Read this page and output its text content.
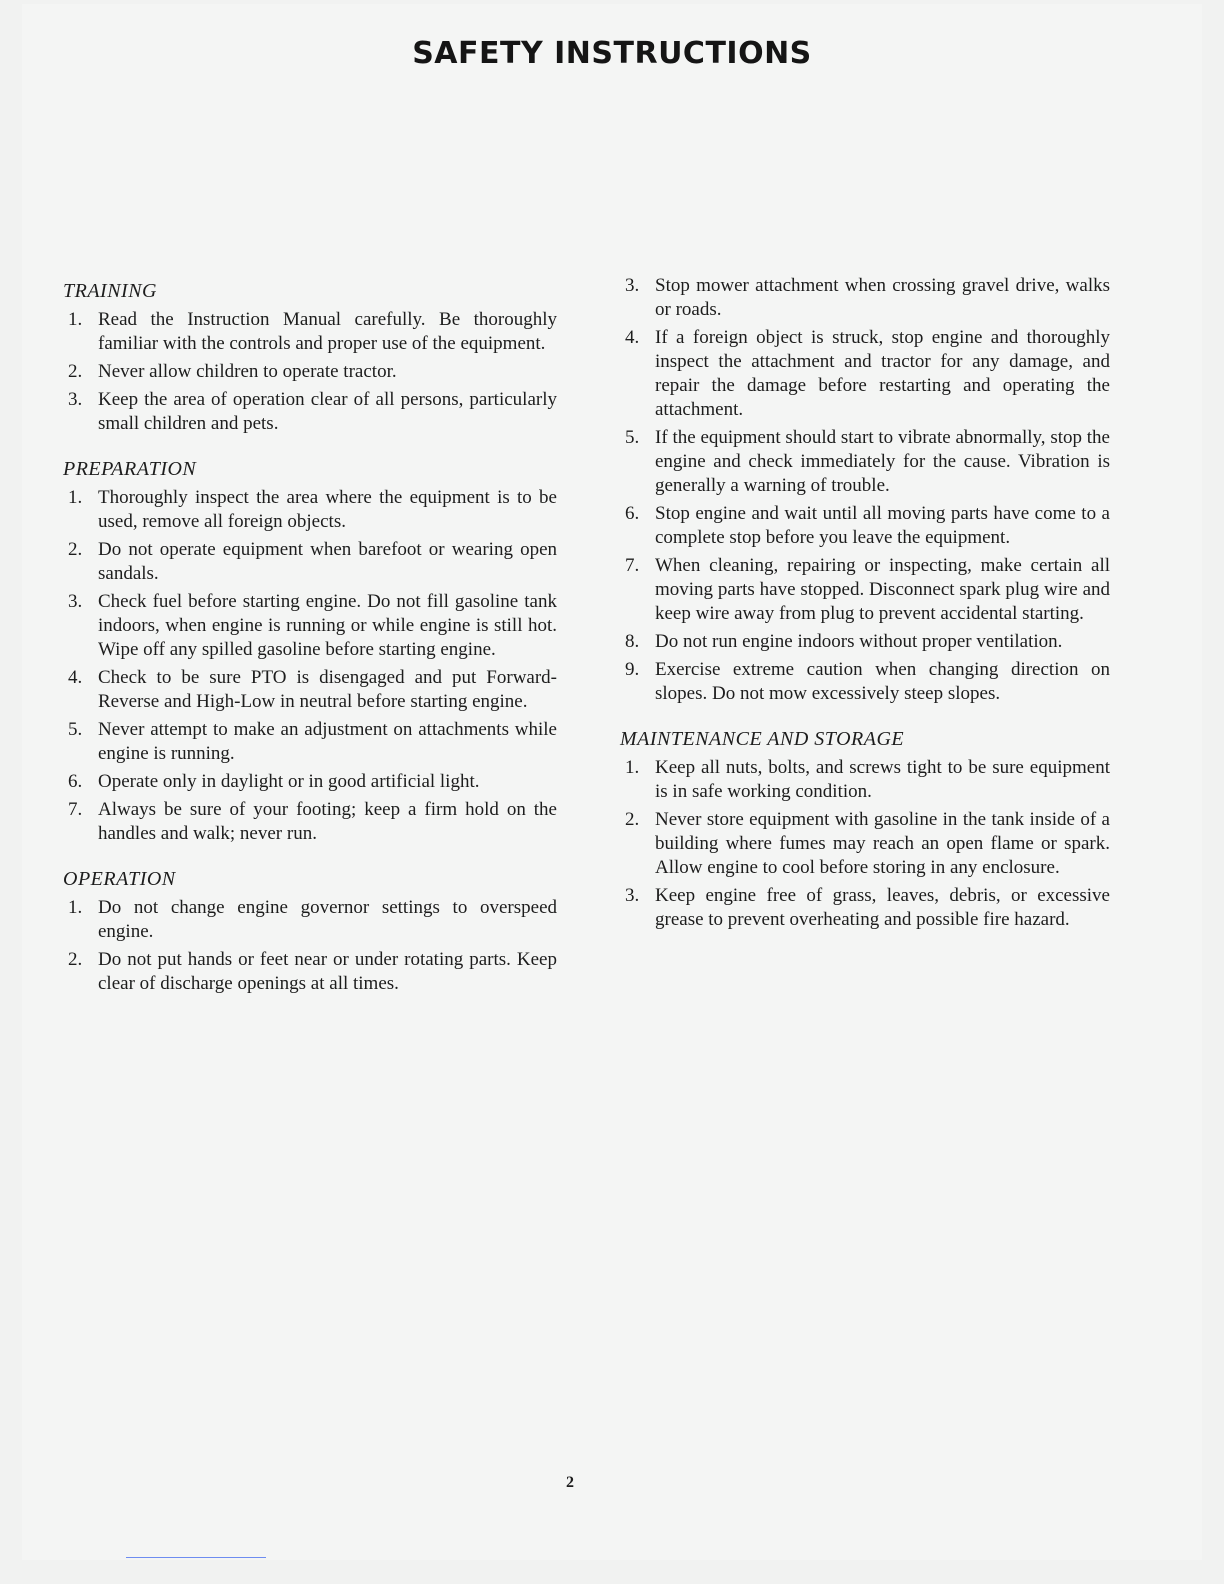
SAFETY INSTRUCTIONS
TRAINING
1. Read the Instruction Manual carefully. Be thoroughly familiar with the controls and proper use of the equipment.
2. Never allow children to operate tractor.
3. Keep the area of operation clear of all persons, particularly small children and pets.
PREPARATION
1. Thoroughly inspect the area where the equipment is to be used, remove all foreign objects.
2. Do not operate equipment when barefoot or wearing open sandals.
3. Check fuel before starting engine. Do not fill gasoline tank indoors, when engine is running or while engine is still hot. Wipe off any spilled gasoline before starting engine.
4. Check to be sure PTO is disengaged and put Forward-Reverse and High-Low in neutral before starting engine.
5. Never attempt to make an adjustment on attachments while engine is running.
6. Operate only in daylight or in good artificial light.
7. Always be sure of your footing; keep a firm hold on the handles and walk; never run.
OPERATION
1. Do not change engine governor settings to overspeed engine.
2. Do not put hands or feet near or under rotating parts. Keep clear of discharge openings at all times.
3. Stop mower attachment when crossing gravel drive, walks or roads.
4. If a foreign object is struck, stop engine and thoroughly inspect the attachment and tractor for any damage, and repair the damage before restarting and operating the attachment.
5. If the equipment should start to vibrate abnormally, stop the engine and check immediately for the cause. Vibration is generally a warning of trouble.
6. Stop engine and wait until all moving parts have come to a complete stop before you leave the equipment.
7. When cleaning, repairing or inspecting, make certain all moving parts have stopped. Disconnect spark plug wire and keep wire away from plug to prevent accidental starting.
8. Do not run engine indoors without proper ventilation.
9. Exercise extreme caution when changing direction on slopes. Do not mow excessively steep slopes.
MAINTENANCE AND STORAGE
1. Keep all nuts, bolts, and screws tight to be sure equipment is in safe working condition.
2. Never store equipment with gasoline in the tank inside of a building where fumes may reach an open flame or spark. Allow engine to cool before storing in any enclosure.
3. Keep engine free of grass, leaves, debris, or excessive grease to prevent overheating and possible fire hazard.
2
